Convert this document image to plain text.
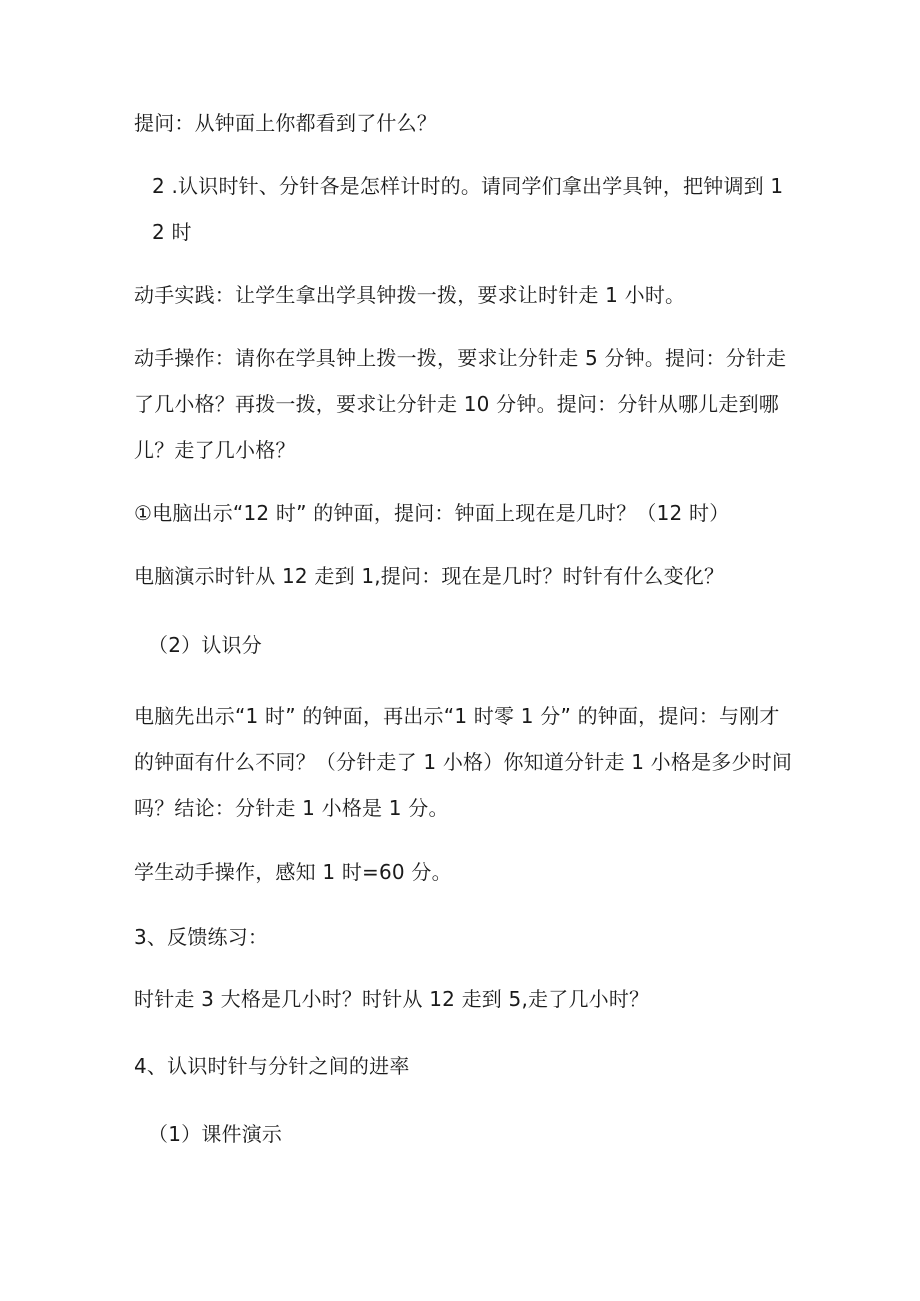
提问：从钟面上你都看到了什么？

2 .认识时针、分针各是怎样计时的。请同学们拿出学具钟，把钟调到 12 时

动手实践：让学生拿出学具钟拨一拨，要求让时针走 1 小时。

动手操作：请你在学具钟上拨一拨，要求让分针走 5 分钟。提问：分针走了几小格？再拨一拨，要求让分针走 10 分钟。提问：分针从哪儿走到哪儿？走了几小格？

①电脑出示“12 时” 的钟面，提问：钟面上现在是几时？（12 时）

电脑演示时针从 12 走到 1,提问：现在是几时？时针有什么变化？

（2）认识分

电脑先出示“1 时” 的钟面，再出示“1 时零 1 分” 的钟面，提问：与刚才的钟面有什么不同？（分针走了 1 小格）你知道分针走 1 小格是多少时间吗？结论：分针走 1 小格是 1 分。

学生动手操作，感知 1 时=60 分。

3、反馈练习：

时针走 3 大格是几小时？时针从 12 走到 5,走了几小时？

4、认识时针与分针之间的进率

（1）课件演示
